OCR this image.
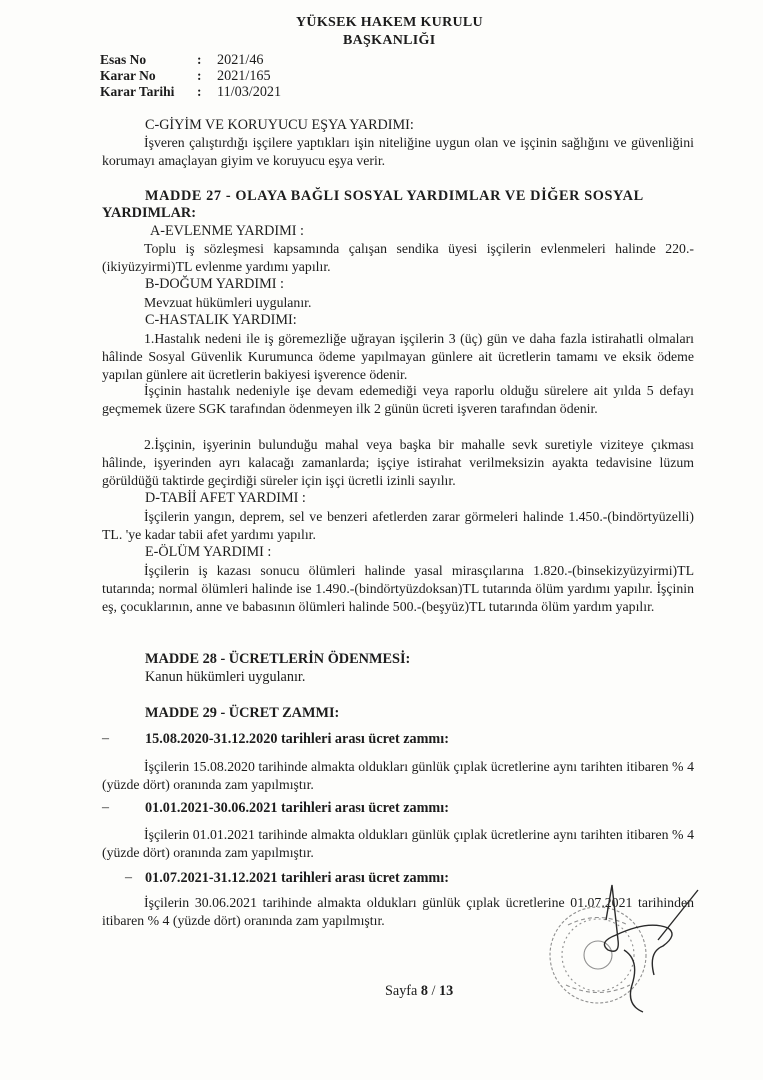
YÜKSEK HAKEM KURULU
BAŞKANLIĞI
Esas No	: 2021/46
Karar No	: 2021/165
Karar Tarihi : 11/03/2021
C-GİYİM VE KORUYUCU EŞYA YARDIMI:
İşveren çalıştırdığı işçilere yaptıkları işin niteliğine uygun olan ve işçinin sağlığını ve güvenliğini korumayı amaçlayan giyim ve koruyucu eşya verir.
MADDE 27 - OLAYA BAĞLI SOSYAL YARDIMLAR VE DİĞER SOSYAL
YARDIMLAR:
A-EVLENME YARDIMI :
Toplu iş sözleşmesi kapsamında çalışan sendika üyesi işçilerin evlenmeleri halinde 220.-(ikiyüzyirmi)TL evlenme yardımı yapılır.
B-DOĞUM YARDIMI :
Mevzuat hükümleri uygulanır.
C-HASTALIK YARDIMI:
1.Hastalık nedeni ile iş göremezliğe uğrayan işçilerin 3 (üç) gün ve daha fazla istirahatli olmaları hâlinde Sosyal Güvenlik Kurumunca ödeme yapılmayan günlere ait ücretlerin tamamı ve eksik ödeme yapılan günlere ait ücretlerin bakiyesi işverence ödenir.
İşçinin hastalık nedeniyle işe devam edemediği veya raporlu olduğu sürelere ait yılda 5 defayı geçmemek üzere SGK tarafından ödenmeyen ilk 2 günün ücreti işveren tarafından ödenir.
2.İşçinin, işyerinin bulunduğu mahal veya başka bir mahalle sevk suretiyle viziteye çıkması hâlinde, işyerinden ayrı kalacağı zamanlarda; işçiye istirahat verilmeksizin ayakta tedavisine lüzum görüldüğü taktirde geçirdiği süreler için işçi ücretli izinli sayılır.
D-TABİİ AFET YARDIMI :
İşçilerin yangın, deprem, sel ve benzeri afetlerden zarar görmeleri halinde 1.450.-(bindörtyüzelli) TL. 'ye kadar tabii afet yardımı yapılır.
E-ÖLÜM YARDIMI :
İşçilerin iş kazası sonucu ölümleri halinde yasal mirasçılarına 1.820.-(binsekizyüzyirmi)TL tutarında; normal ölümleri halinde ise 1.490.-(bindörtyüzdoksan)TL tutarında ölüm yardımı yapılır. İşçinin eş, çocuklarının, anne ve babasının ölümleri halinde 500.-(beşyüz)TL tutarında ölüm yardım yapılır.
MADDE 28 - ÜCRETLERİN ÖDENMESİ:
Kanun hükümleri uygulanır.
MADDE 29 - ÜCRET ZAMMI:
–	15.08.2020-31.12.2020 tarihleri arası ücret zammı:
İşçilerin 15.08.2020 tarihinde almakta oldukları günlük çıplak ücretlerine aynı tarihten itibaren % 4 (yüzde dört) oranında zam yapılmıştır.
–	01.01.2021-30.06.2021 tarihleri arası ücret zammı:
İşçilerin 01.01.2021 tarihinde almakta oldukları günlük çıplak ücretlerine aynı tarihten itibaren % 4 (yüzde dört) oranında zam yapılmıştır.
– 01.07.2021-31.12.2021 tarihleri arası ücret zammı:
İşçilerin 30.06.2021 tarihinde almakta oldukları günlük çıplak ücretlerine 01.07.2021 tarihinden itibaren % 4 (yüzde dört) oranında zam yapılmıştır.
Sayfa 8 / 13
